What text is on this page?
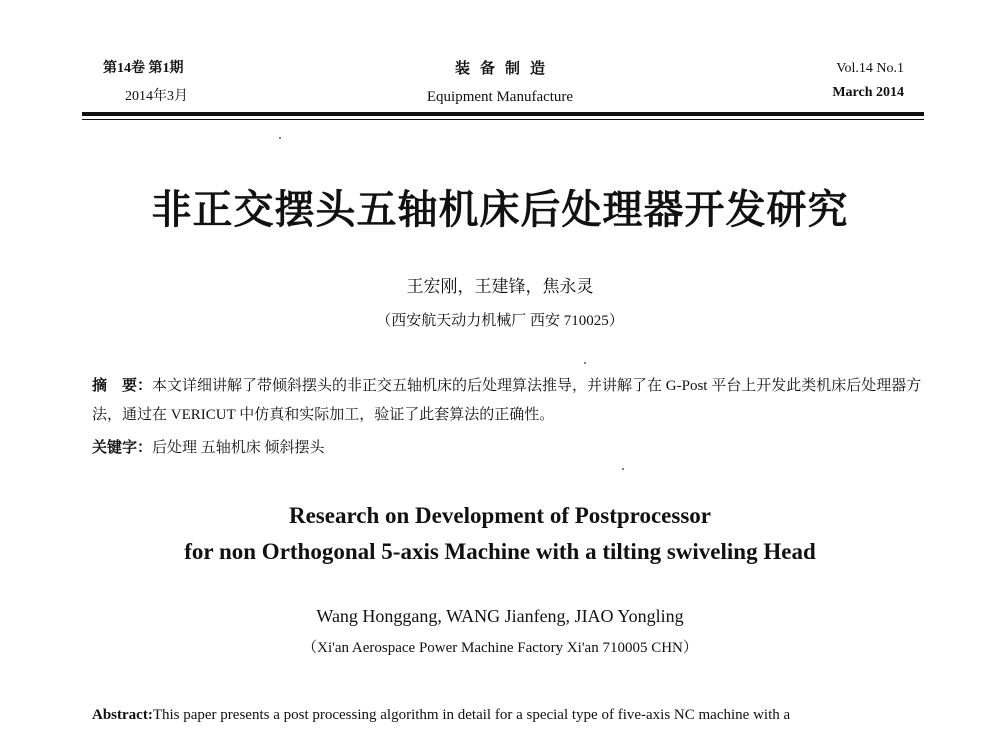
第14卷 第1期
2014年3月
装备制造
Equipment Manufacture
Vol.14 No.1
March 2014
非正交摆头五轴机床后处理器开发研究
王宏刚，王建锋，焦永灵
（西安航天动力机械厂 西安 710025）
摘　要：本文详细讲解了带倾斜摆头的非正交五轴机床的后处理算法推导，并讲解了在 G-Post 平台上开发此类机床后处理器方法，通过在 VERICUT 中仿真和实际加工，验证了此套算法的正确性。
关键字：后处理 五轴机床 倾斜摆头
Research on Development of Postprocessor
for non Orthogonal 5-axis Machine with a tilting swiveling Head
Wang Honggang, WANG Jianfeng, JIAO Yongling
（Xi'an Aerospace Power Machine Factory Xi'an 710005 CHN）
Abstract:This paper presents a post processing algorithm in detail for a special type of five-axis NC machine with a
